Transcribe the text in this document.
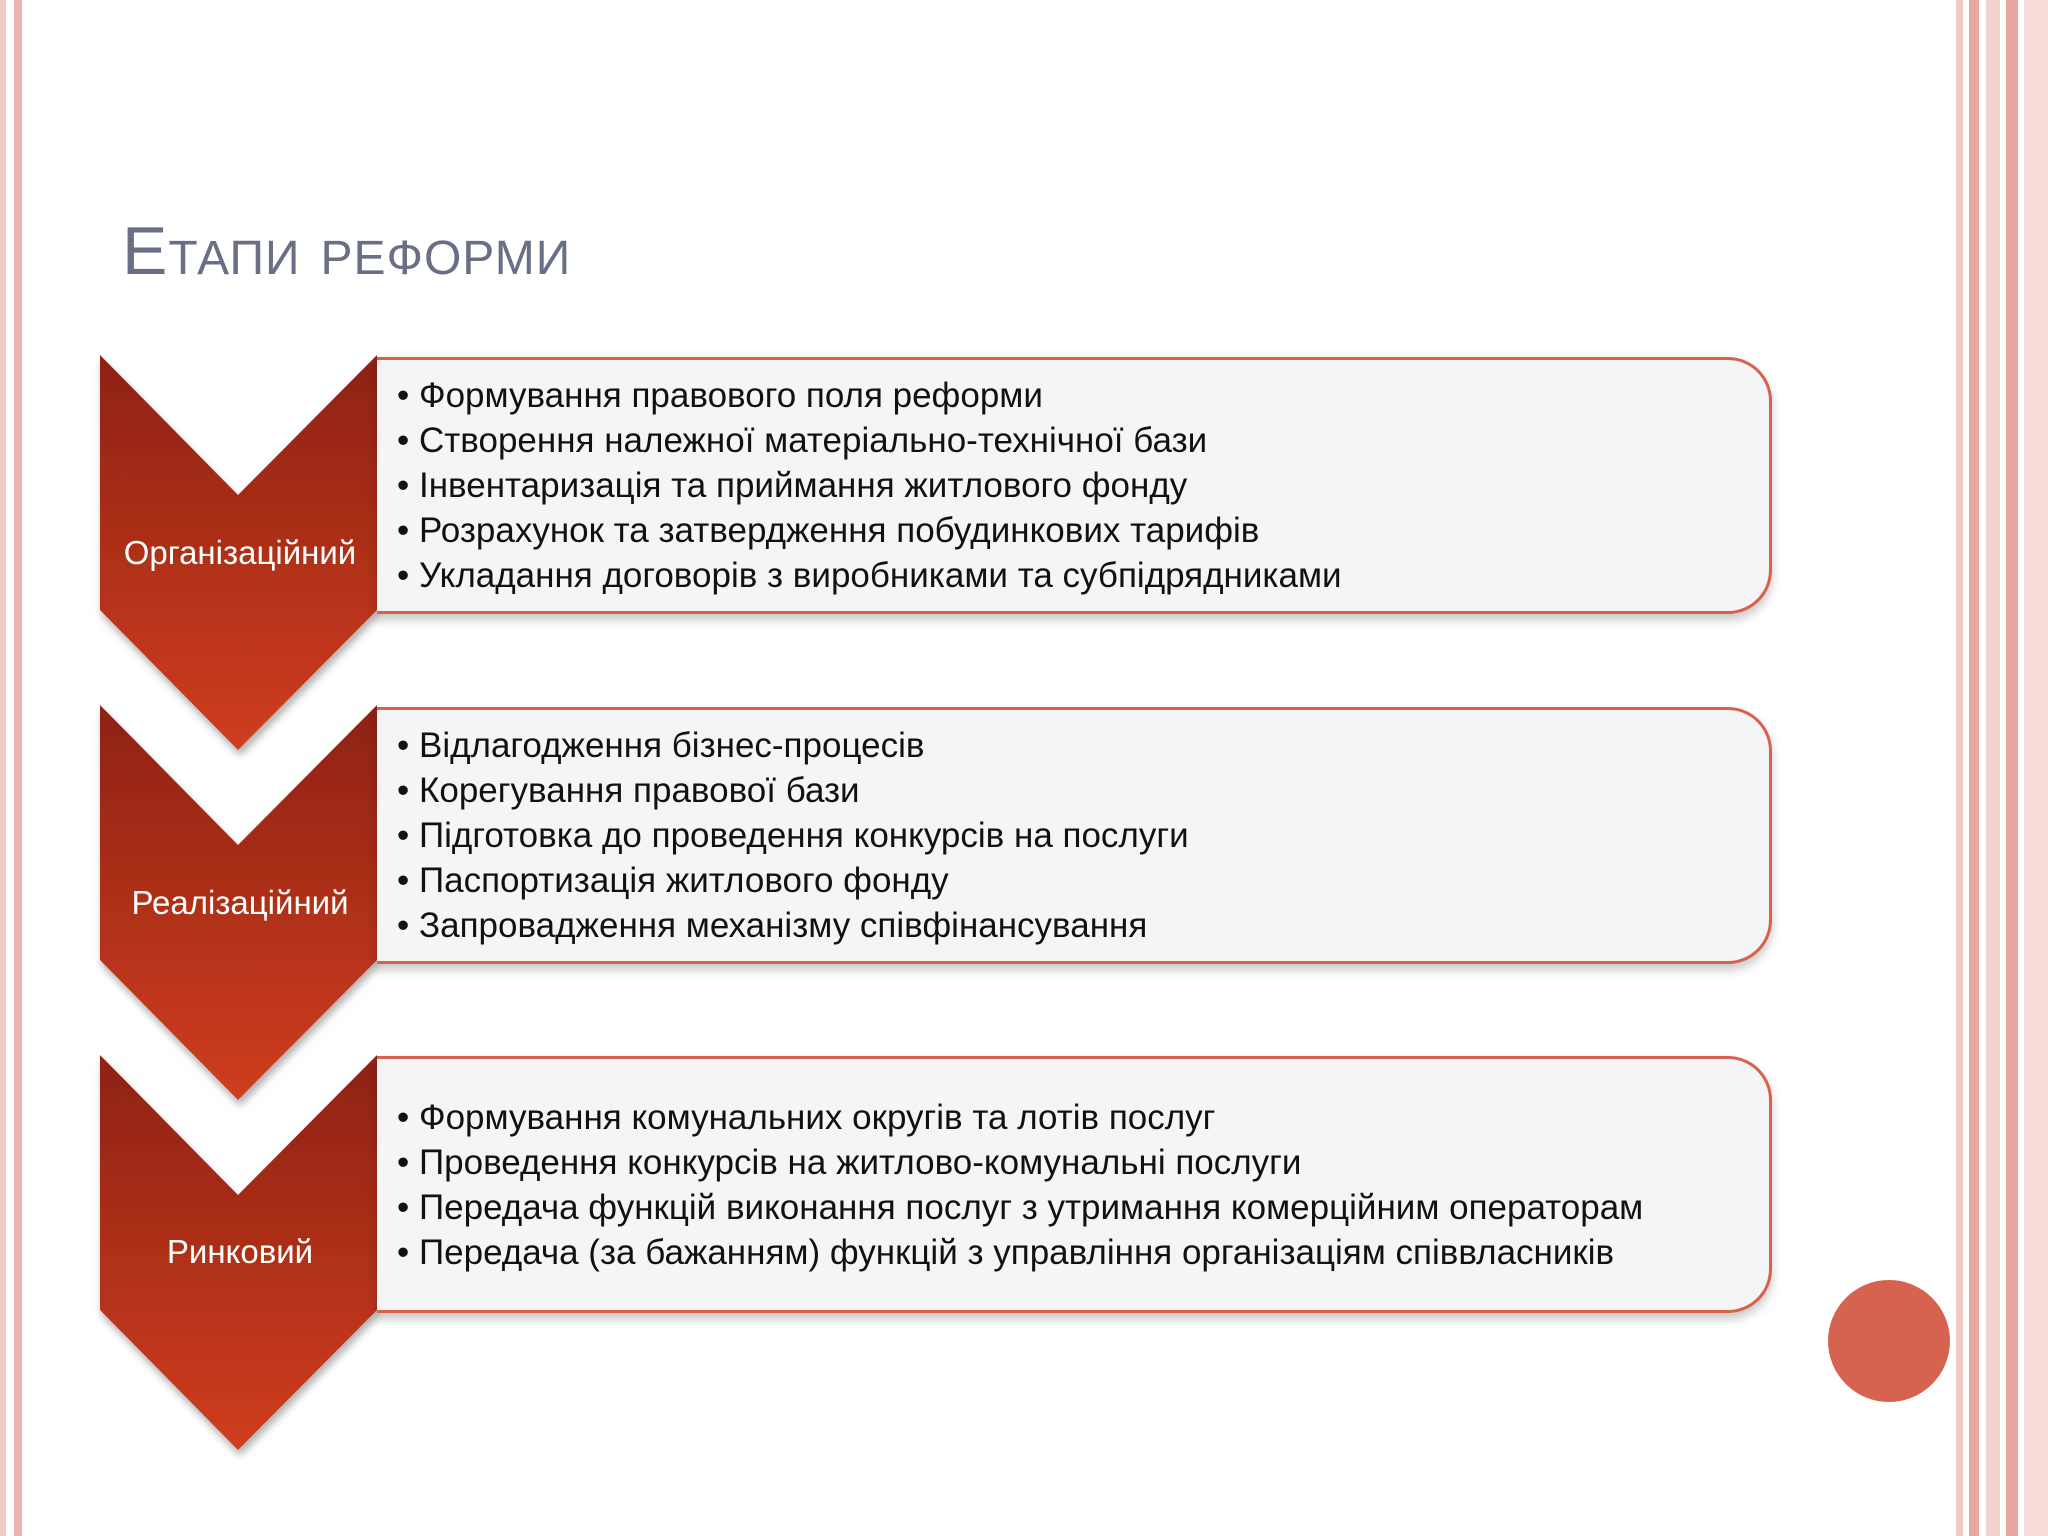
Етапи реформи
• Формування правового поля реформи
• Створення належної матеріально-технічної бази
• Інвентаризація та приймання житлового фонду
• Розрахунок та затвердження побудинкових тарифів
• Укладання договорів з виробниками та субпідрядниками
• Відлагодження бізнес-процесів
• Корегування правової бази
• Підготовка до проведення конкурсів на послуги
• Паспортизація житлового фонду
• Запровадження механізму співфінансування
• Формування комунальних округів та лотів послуг
• Проведення конкурсів на житлово-комунальні послуги
• Передача функцій виконання послуг з утримання комерційним операторам
• Передача (за бажанням) функцій з управління організаціям співвласників
Організаційний
Реалізаційний
Ринковий
